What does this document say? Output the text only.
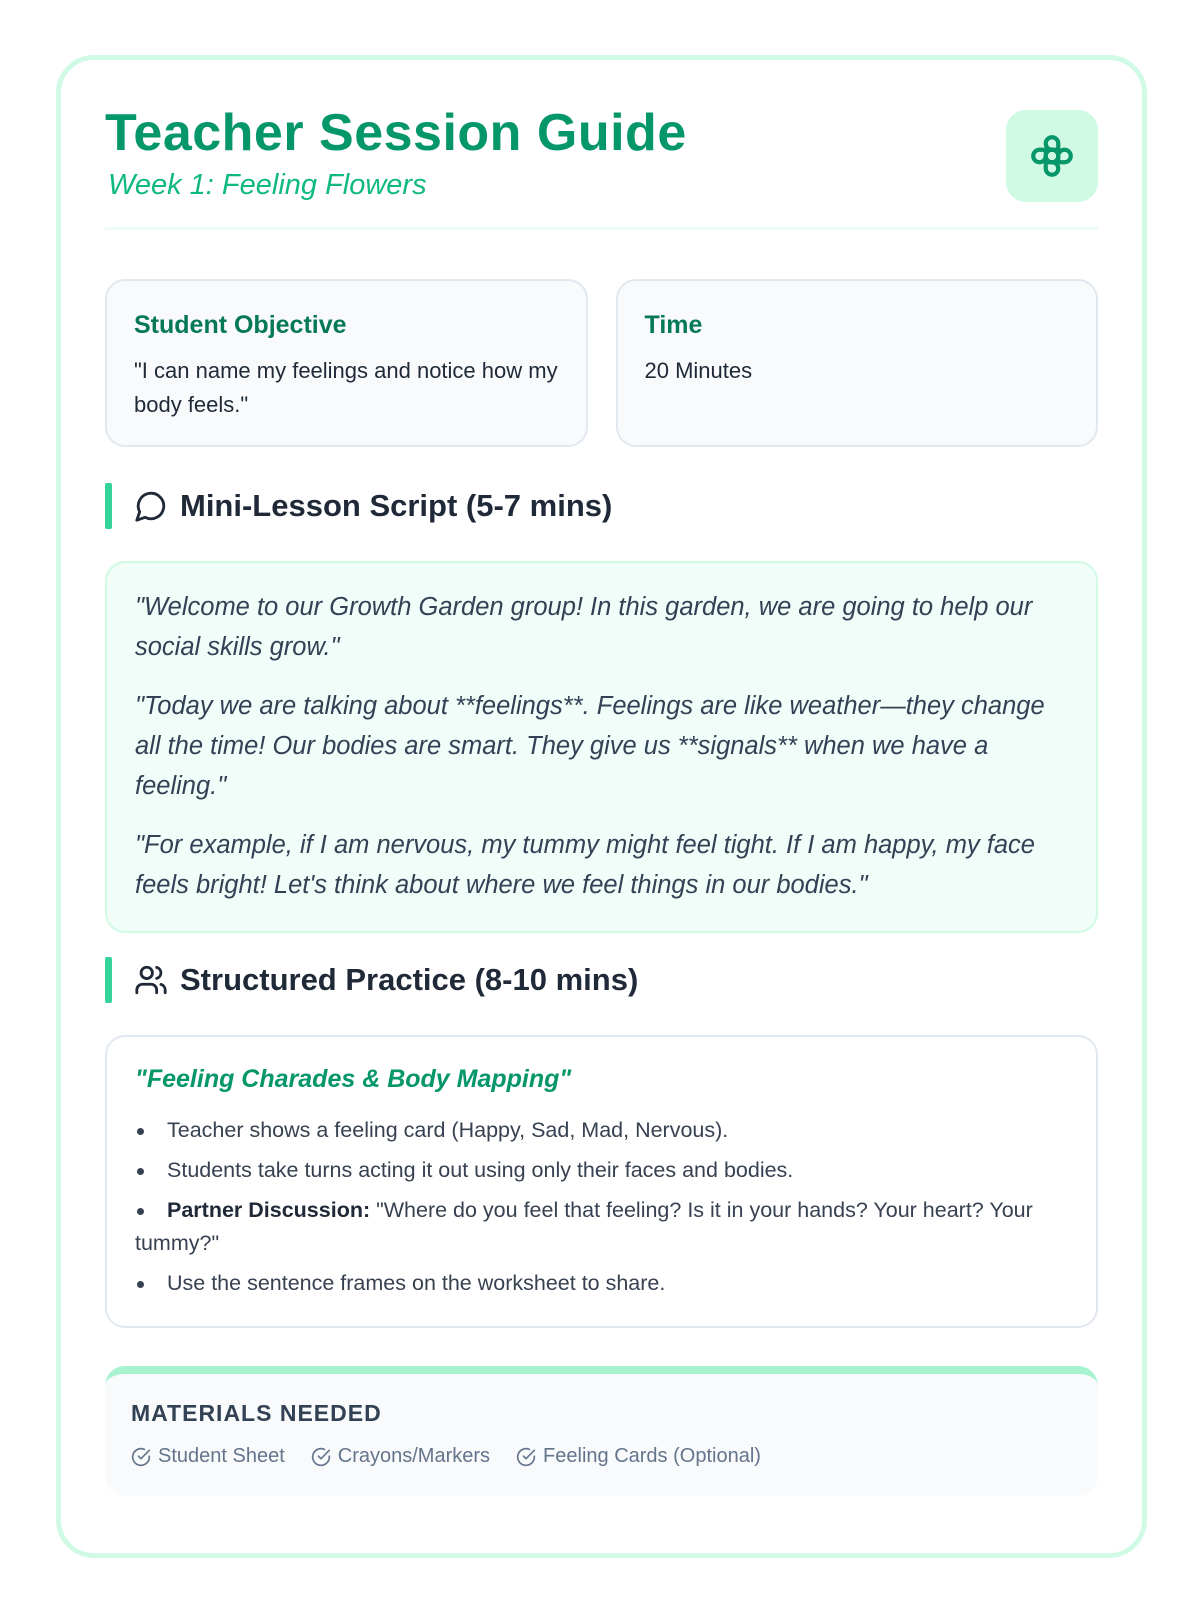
Teacher Session Guide
Week 1: Feeling Flowers
Student Objective
"I can name my feelings and notice how my body feels."
Time
20 Minutes
Mini-Lesson Script (5-7 mins)

"Welcome to our Growth Garden group! In this garden, we are going to help our social skills grow."

"Today we are talking about **feelings**. Feelings are like weather—they change all the time! Our bodies are smart. They give us **signals** when we have a feeling."

"For example, if I am nervous, my tummy might feel tight. If I am happy, my face feels bright! Let's think about where we feel things in our bodies."

Structured Practice (8-10 mins)
"Feeling Charades & Body Mapping"
Teacher shows a feeling card (Happy, Sad, Mad, Nervous).
Students take turns acting it out using only their faces and bodies.
Partner Discussion: "Where do you feel that feeling? Is it in your hands? Your heart? Your tummy?"
Use the sentence frames on the worksheet to share.
MATERIALS NEEDED
Student Sheet	Crayons/Markers	Feeling Cards (Optional)
